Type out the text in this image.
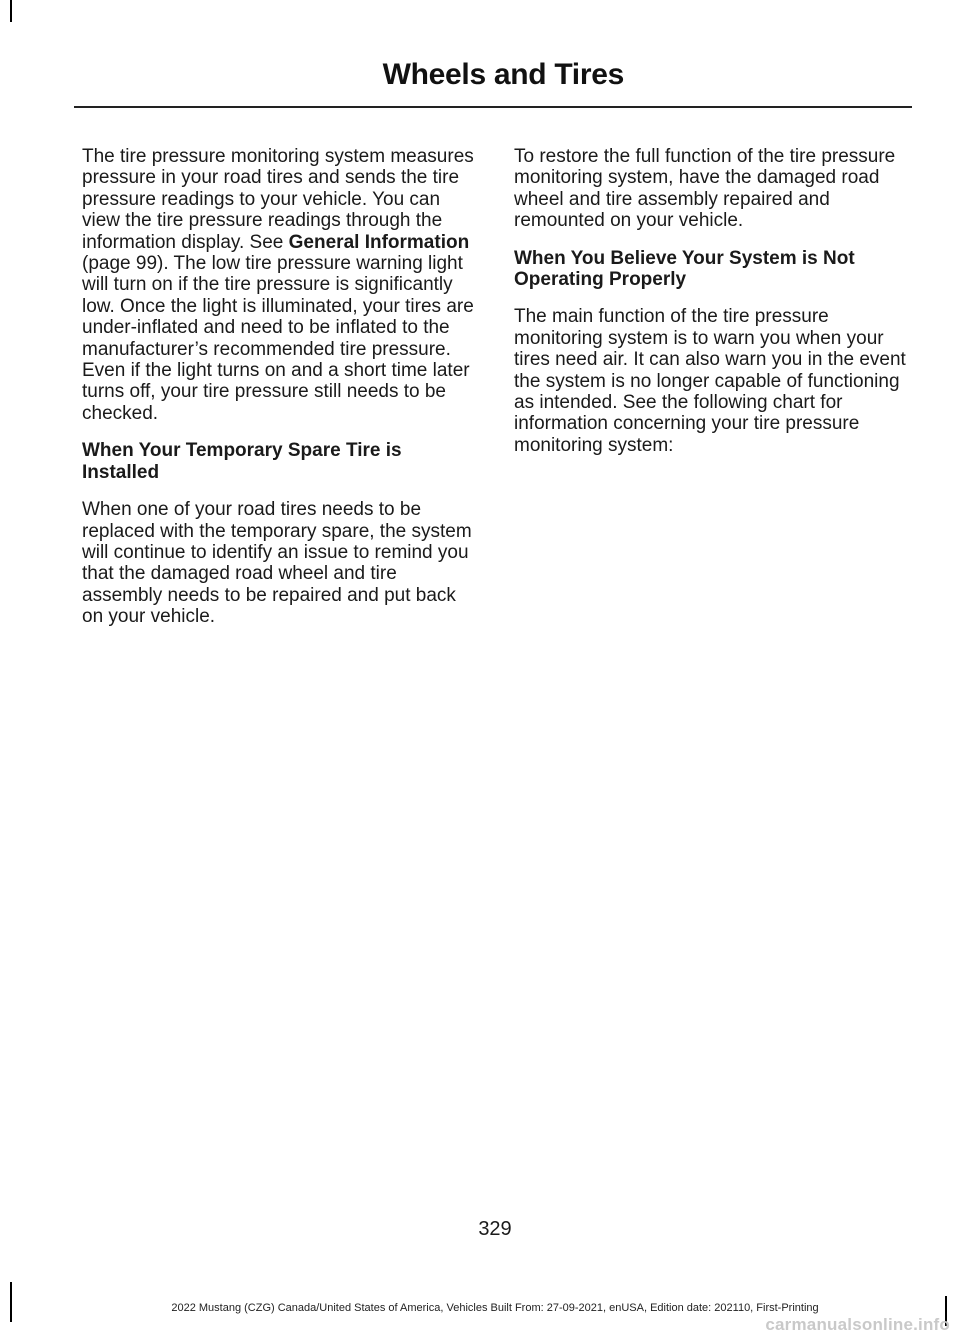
Wheels and Tires

The tire pressure monitoring system measures pressure in your road tires and sends the tire pressure readings to your vehicle. You can view the tire pressure readings through the information display. See General Information (page 99). The low tire pressure warning light will turn on if the tire pressure is significantly low. Once the light is illuminated, your tires are under-inflated and need to be inflated to the manufacturer’s recommended tire pressure. Even if the light turns on and a short time later turns off, your tire pressure still needs to be checked.

When Your Temporary Spare Tire is Installed

When one of your road tires needs to be replaced with the temporary spare, the system will continue to identify an issue to remind you that the damaged road wheel and tire assembly needs to be repaired and put back on your vehicle.

To restore the full function of the tire pressure monitoring system, have the damaged road wheel and tire assembly repaired and remounted on your vehicle.

When You Believe Your System is Not Operating Properly

The main function of the tire pressure monitoring system is to warn you when your tires need air. It can also warn you in the event the system is no longer capable of functioning as intended. See the following chart for information concerning your tire pressure monitoring system:

329
2022 Mustang (CZG) Canada/United States of America, Vehicles Built From: 27-09-2021, enUSA, Edition date: 202110, First-Printing
carmanualsonline.info
